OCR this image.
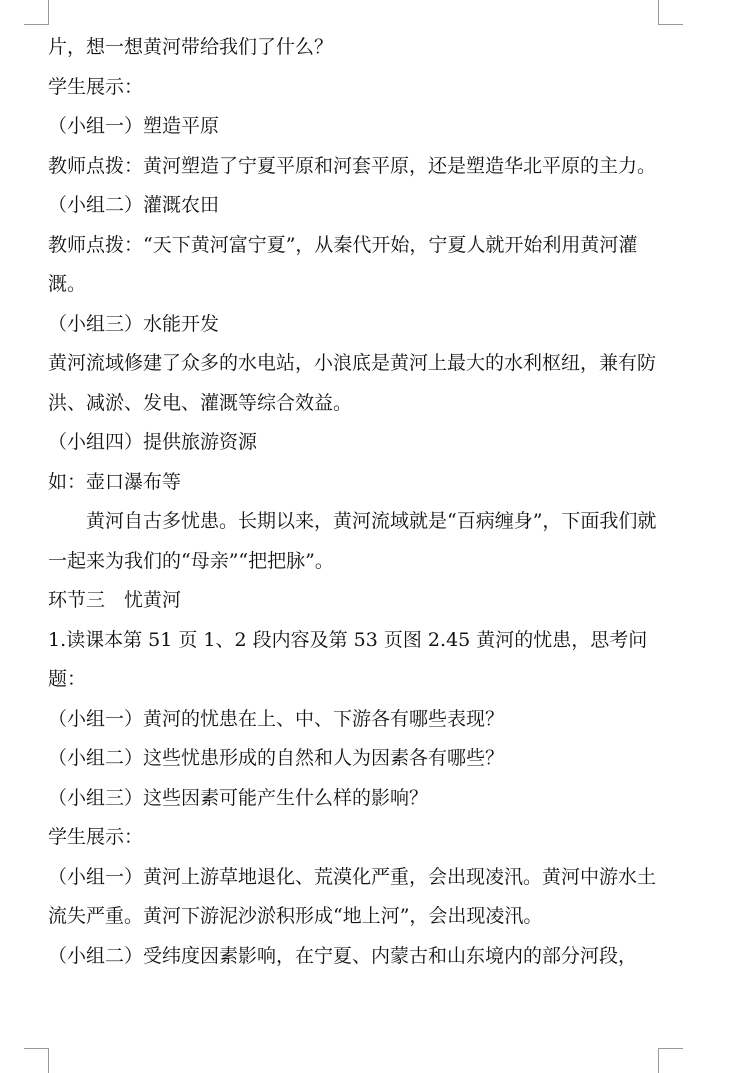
片，想一想黄河带给我们了什么？

学生展示：

（小组一）塑造平原

教师点拨：黄河塑造了宁夏平原和河套平原，还是塑造华北平原的主力。

（小组二）灌溉农田

教师点拨：“天下黄河富宁夏”，从秦代开始，宁夏人就开始利用黄河灌溉。

（小组三）水能开发

黄河流域修建了众多的水电站，小浪底是黄河上最大的水利枢纽，兼有防洪、减淤、发电、灌溉等综合效益。

（小组四）提供旅游资源

如：壶口瀑布等

黄河自古多忧患。长期以来，黄河流域就是“百病缠身”，下面我们就一起来为我们的“母亲”“把把脉”。

环节三　忧黄河

1.读课本第 51 页 1、2 段内容及第 53 页图 2.45 黄河的忧患，思考问题：

（小组一）黄河的忧患在上、中、下游各有哪些表现？

（小组二）这些忧患形成的自然和人为因素各有哪些？

（小组三）这些因素可能产生什么样的影响？

学生展示：

（小组一）黄河上游草地退化、荒漠化严重，会出现凌汛。黄河中游水土流失严重。黄河下游泥沙淤积形成“地上河”，会出现凌汛。

（小组二）受纬度因素影响，在宁夏、内蒙古和山东境内的部分河段，
